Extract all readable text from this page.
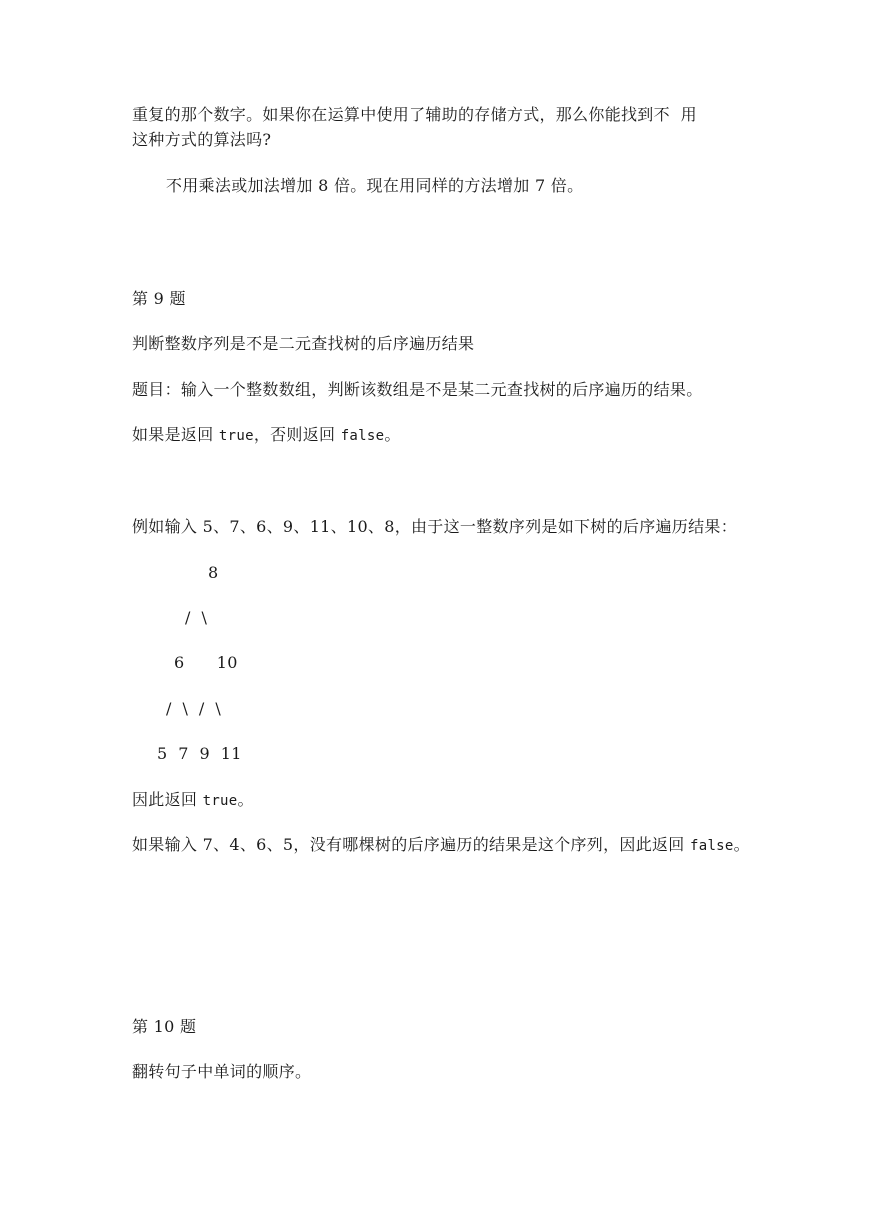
重复的那个数字。如果你在运算中使用了辅助的存储方式，那么你能找到不  用
这种方式的算法吗?
不用乘法或加法增加 8 倍。现在用同样的方法增加 7 倍。
第 9 题
判断整数序列是不是二元查找树的后序遍历结果
题目：输入一个整数数组，判断该数组是不是某二元查找树的后序遍历的结果。
如果是返回 true，否则返回 false。
例如输入 5、7、6、9、11、10、8，由于这一整数序列是如下树的后序遍历结果：
8
/  \
6      10
/  \  /  \
5  7  9  11
因此返回 true。
如果输入 7、4、6、5，没有哪棵树的后序遍历的结果是这个序列，因此返回 false。
第 10 题
翻转句子中单词的顺序。
